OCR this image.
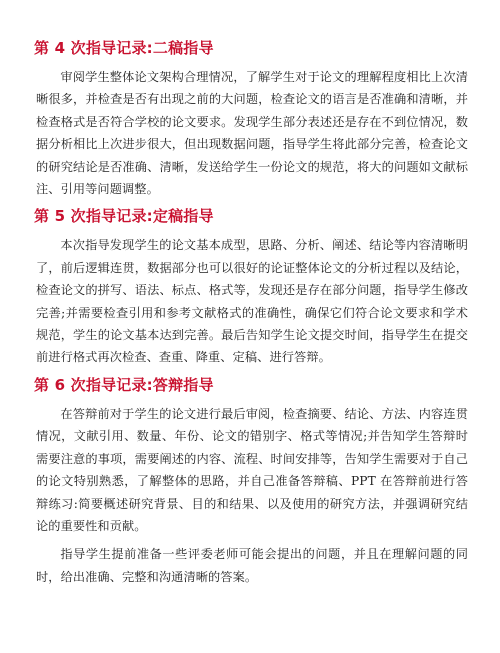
第 4 次指导记录:二稿指导

审阅学生整体论文架构合理情况，了解学生对于论文的理解程度相比上次清晰很多，并检查是否有出现之前的大问题，检查论文的语言是否准确和清晰，并检查格式是否符合学校的论文要求。发现学生部分表述还是存在不到位情况，数据分析相比上次进步很大，但出现数据问题，指导学生将此部分完善，检查论文的研究结论是否准确、清晰，发送给学生一份论文的规范，将大的问题如文献标注、引用等问题调整。

第 5 次指导记录:定稿指导

本次指导发现学生的论文基本成型，思路、分析、阐述、结论等内容清晰明了，前后逻辑连贯，数据部分也可以很好的论证整体论文的分析过程以及结论，检查论文的拼写、语法、标点、格式等，发现还是存在部分问题，指导学生修改完善;并需要检查引用和参考文献格式的准确性，确保它们符合论文要求和学术规范，学生的论文基本达到完善。最后告知学生论文提交时间，指导学生在提交前进行格式再次检查、查重、降重、定稿、进行答辩。

第 6 次指导记录:答辩指导

在答辩前对于学生的论文进行最后审阅，检查摘要、结论、方法、内容连贯情况，文献引用、数量、年份、论文的错别字、格式等情况;并告知学生答辩时需要注意的事项，需要阐述的内容、流程、时间安排等，告知学生需要对于自己的论文特别熟悉，了解整体的思路，并自己准备答辩稿、PPT 在答辩前进行答辩练习:简要概述研究背景、目的和结果、以及使用的研究方法，并强调研究结论的重要性和贡献。

指导学生提前准备一些评委老师可能会提出的问题，并且在理解问题的同时，给出准确、完整和沟通清晰的答案。
